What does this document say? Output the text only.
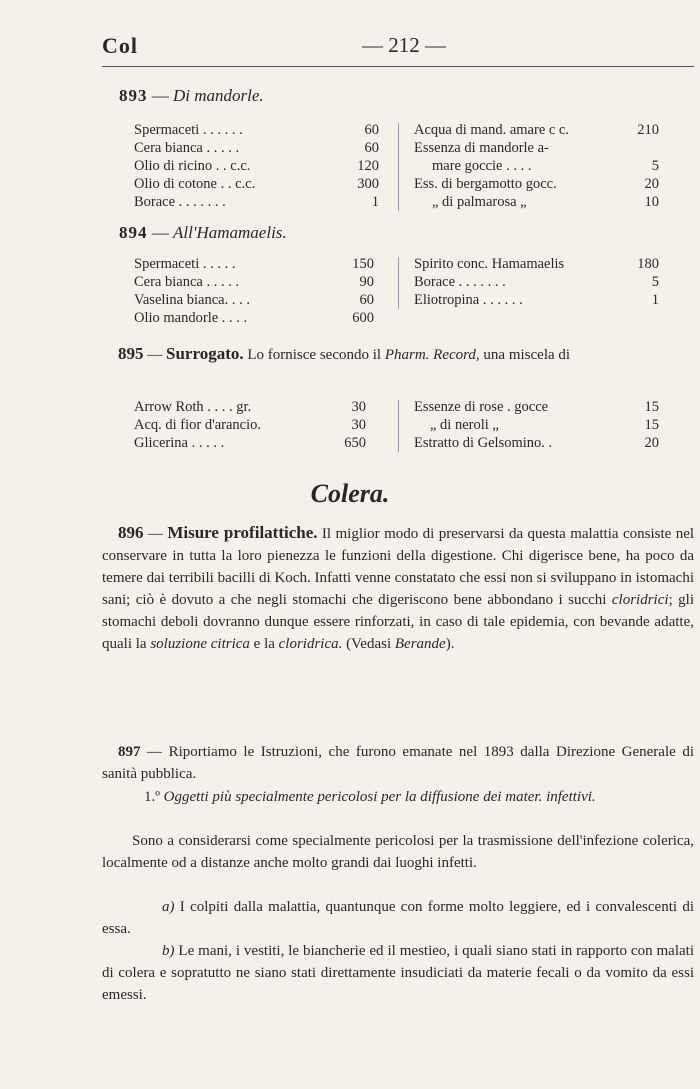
Col	— 212 —
893 — Di mandorle.
Spermaceti . . . . . .	60
Cera bianca . . . . .	60
Olio di ricino . . c.c.	120
Olio di cotone . . c.c.	300
Borace . . . . . . .	1
Acqua di mand. amare c c.	210
Essenza di mandorle a-
mare goccie . . . .	5
Ess. di bergamotto gocc.	20
„ di palmarosa „	10
894 — All'Hamamaelis.
Spermaceti . . . . .	150
Cera bianca . . . . .	90
Vaselina bianca. . . .	60
Olio mandorle . . . .	600
Spirito conc. Hamamaelis	180
Borace . . . . . . .	5
Eliotropina . . . . . .	1
895 — Surrogato. Lo fornisce secondo il Pharm. Record, una miscela di
Arrow Roth . . . . gr.	30
Acq. di fior d'arancio.	30
Glicerina . . . . .	650
Essenze di rose . gocce	15
„ di neroli „	15
Estratto di Gelsomino. .	20
Colera.
896 — Misure profilattiche. Il miglior modo di preservarsi da questa malattia consiste nel conservare in tutta la loro pienezza le funzioni della digestione. Chi digerisce bene, ha poco da temere dai terribili bacilli di Koch. Infatti venne constatato che essi non si sviluppano in istomachi sani; ciò è dovuto a che negli stomachi che digeriscono bene abbondano i succhi cloridrici; gli stomachi deboli dovranno dunque essere rinforzati, in caso di tale epidemia, con bevande adatte, quali la soluzione citrica e la cloridrica. (Vedasi Berande).
897 — Riportiamo le Istruzioni, che furono emanate nel 1893 dalla Direzione Generale di sanità pubblica.
1.º Oggetti più specialmente pericolosi per la diffusione dei mater. infettivi.
Sono a considerarsi come specialmente pericolosi per la trasmissione dell'infezione colerica, localmente od a distanze anche molto grandi dai luoghi infetti.
a) I colpiti dalla malattia, quantunque con forme molto leggiere, ed i convalescenti di essa.
b) Le mani, i vestiti, le biancherie ed il mestieo, i quali siano stati in rapporto con malati di colera e sopratutto ne siano stati direttamente insudiciati da materie fecali o da vomito da essi emessi.
